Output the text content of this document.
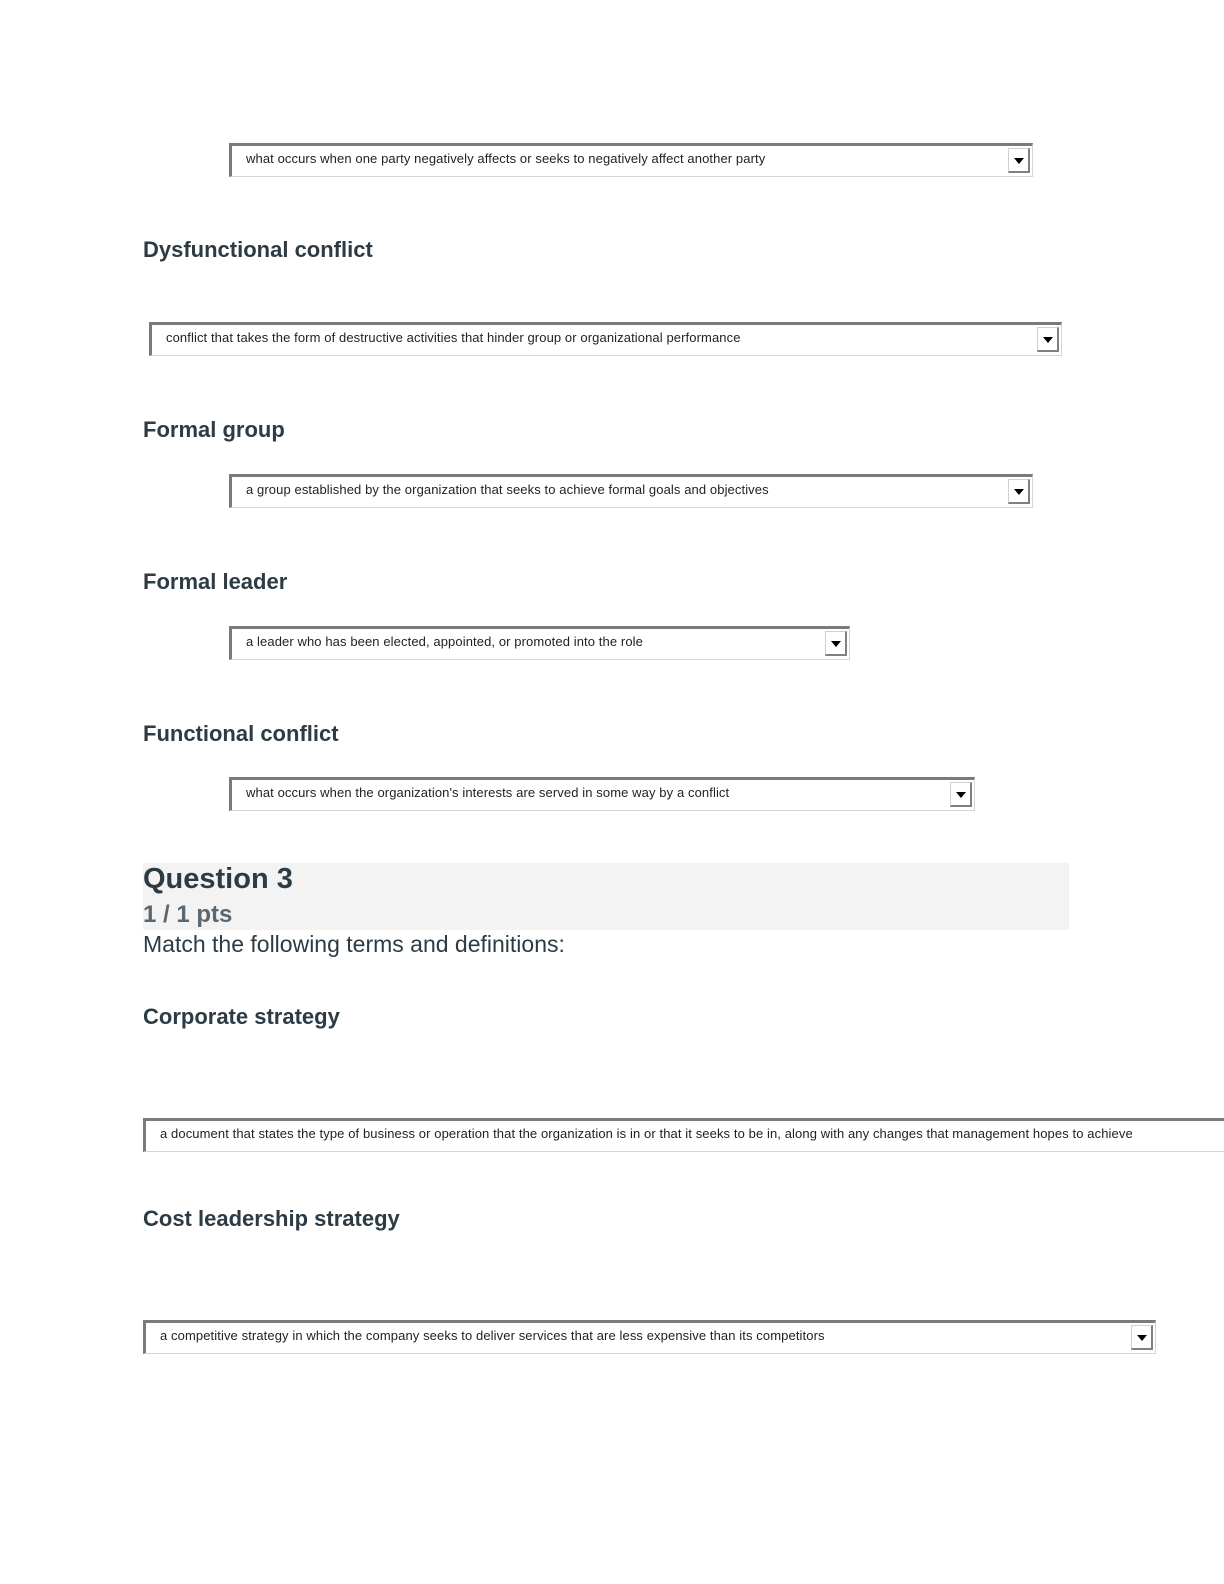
what occurs when one party negatively affects or seeks to negatively affect another party
Dysfunctional conflict
conflict that takes the form of destructive activities that hinder group or organizational performance
Formal group
a group established by the organization that seeks to achieve formal goals and objectives
Formal leader
a leader who has been elected, appointed, or promoted into the role
Functional conflict
what occurs when the organization's interests are served in some way by a conflict
Question 3
1 / 1 pts
Match the following terms and definitions:
Corporate strategy
a document that states the type of business or operation that the organization is in or that it seeks to be in, along with any changes that management hopes to achieve
Cost leadership strategy
a competitive strategy in which the company seeks to deliver services that are less expensive than its competitors
